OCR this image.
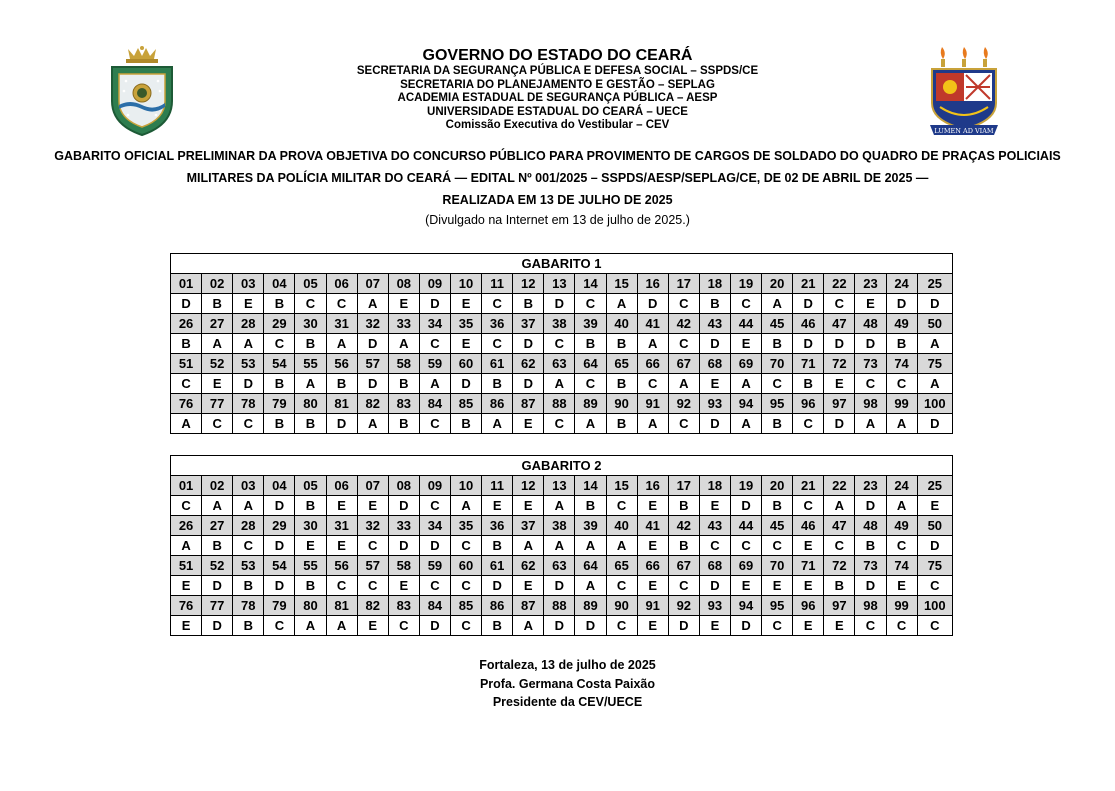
LUMEN AD VIAM
GOVERNO DO ESTADO DO CEARÁ
SECRETARIA DA SEGURANÇA PÚBLICA E DEFESA SOCIAL – SSPDS/CE
SECRETARIA DO PLANEJAMENTO E GESTÃO – SEPLAG
ACADEMIA ESTADUAL DE SEGURANÇA PÚBLICA – AESP
UNIVERSIDADE ESTADUAL DO CEARÁ – UECE
Comissão Executiva do Vestibular – CEV
GABARITO OFICIAL PRELIMINAR DA PROVA OBJETIVA DO CONCURSO PÚBLICO PARA PROVIMENTO DE CARGOS DE SOLDADO DO QUADRO DE PRAÇAS POLICIAIS
MILITARES DA POLÍCIA MILITAR DO CEARÁ — EDITAL Nº 001/2025 – SSPDS/AESP/SEPLAG/CE, DE 02 DE ABRIL DE 2025 —
REALIZADA EM 13 DE JULHO DE 2025
(Divulgado na Internet em 13 de julho de 2025.)
GABARITO 1																								
01	02	03	04	05	06	07	08	09	10	11	12	13	14	15	16	17	18	19	20	21	22	23	24	25
D	B	E	B	C	C	A	E	D	E	C	B	D	C	A	D	C	B	C	A	D	C	E	D	D
26	27	28	29	30	31	32	33	34	35	36	37	38	39	40	41	42	43	44	45	46	47	48	49	50
B	A	A	C	B	A	D	A	C	E	C	D	C	B	B	A	C	D	E	B	D	D	D	B	A
51	52	53	54	55	56	57	58	59	60	61	62	63	64	65	66	67	68	69	70	71	72	73	74	75
C	E	D	B	A	B	D	B	A	D	B	D	A	C	B	C	A	E	A	C	B	E	C	C	A
76	77	78	79	80	81	82	83	84	85	86	87	88	89	90	91	92	93	94	95	96	97	98	99	100
A	C	C	B	B	D	A	B	C	B	A	E	C	A	B	A	C	D	A	B	C	D	A	A	D
GABARITO 2																								
01	02	03	04	05	06	07	08	09	10	11	12	13	14	15	16	17	18	19	20	21	22	23	24	25
C	A	A	D	B	E	E	D	C	A	E	E	A	B	C	E	B	E	D	B	C	A	D	A	E
26	27	28	29	30	31	32	33	34	35	36	37	38	39	40	41	42	43	44	45	46	47	48	49	50
A	B	C	D	E	E	C	D	D	C	B	A	A	A	A	E	B	C	C	C	E	C	B	C	D
51	52	53	54	55	56	57	58	59	60	61	62	63	64	65	66	67	68	69	70	71	72	73	74	75
E	D	B	D	B	C	C	E	C	C	D	E	D	A	C	E	C	D	E	E	E	B	D	E	C
76	77	78	79	80	81	82	83	84	85	86	87	88	89	90	91	92	93	94	95	96	97	98	99	100
E	D	B	C	A	A	E	C	D	C	B	A	D	D	C	E	D	E	D	C	E	E	C	C	C
Fortaleza, 13 de julho de 2025
Profa. Germana Costa Paixão
Presidente da CEV/UECE
